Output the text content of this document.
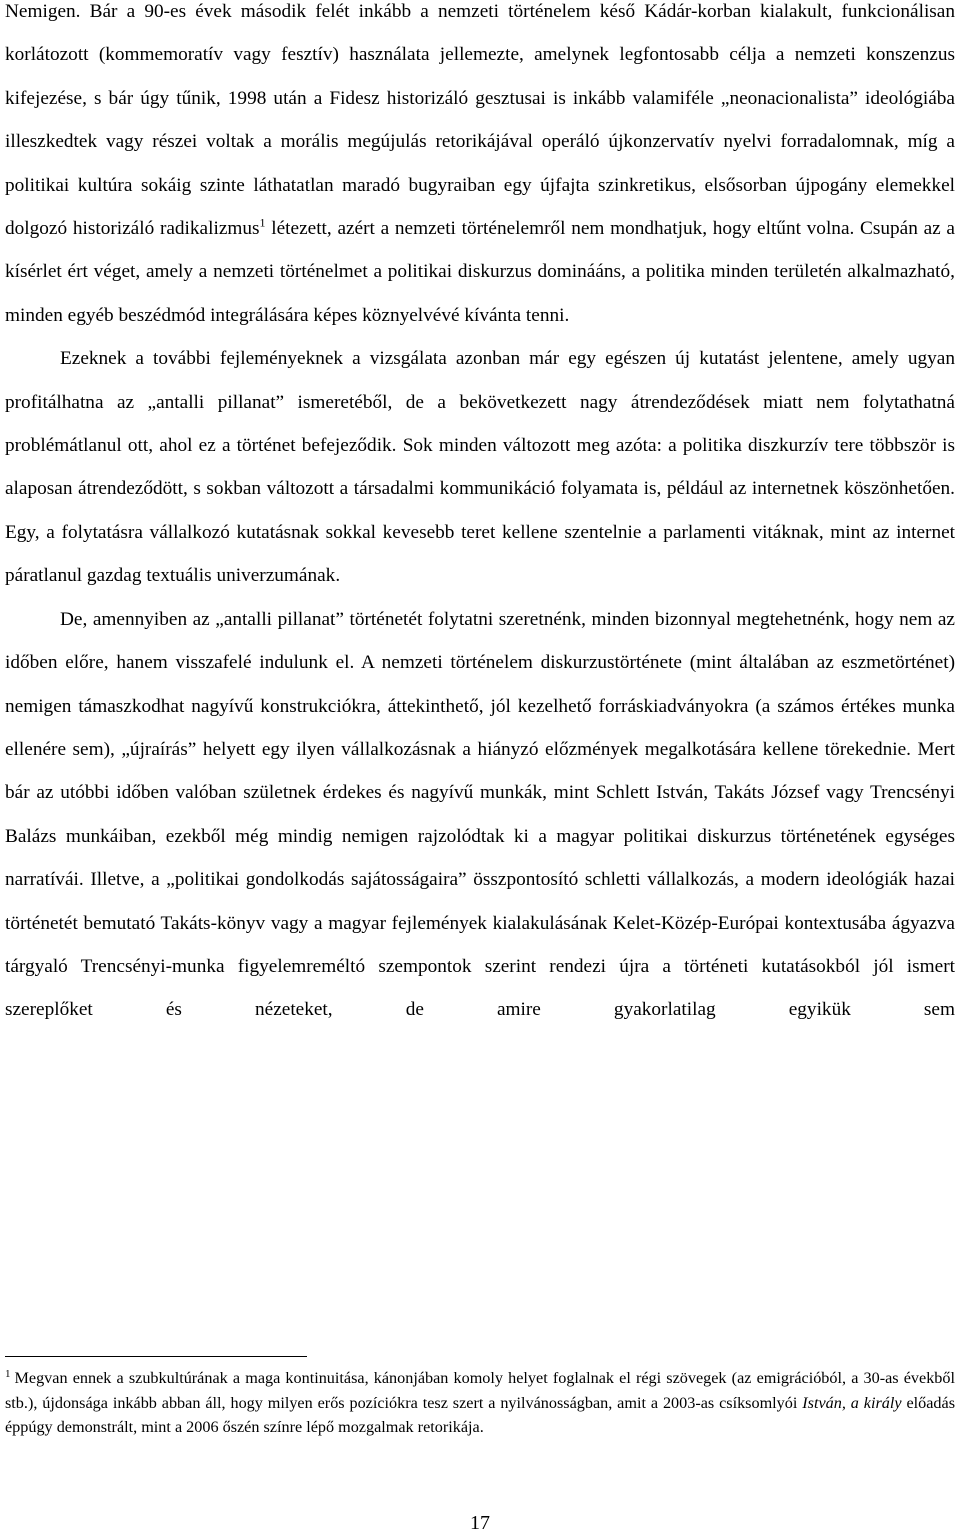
Nemigen. Bár a 90-es évek második felét inkább a nemzeti történelem késő Kádár-korban kialakult, funkcionálisan korlátozott (kommemoratív vagy fesztív) használata jellemezte, amelynek legfontosabb célja a nemzeti konszenzus kifejezése, s bár úgy tűnik, 1998 után a Fidesz historizáló gesztusai is inkább valamiféle „neonacionalista” ideológiába illeszkedtek vagy részei voltak a morális megújulás retorikájával operáló újkonzervatív nyelvi forradalomnak, míg a politikai kultúra sokáig szinte láthatatlan maradó bugyraiban egy újfajta szinkretikus, elsősorban újpogány elemekkel dolgozó historizáló radikalizmus$^1$ létezett, azért a nemzeti történelemről nem mondhatjuk, hogy eltűnt volna. Csupán az a kísérlet ért véget, amely a nemzeti történelmet a politikai diskurzus dominááns, a politika minden területén alkalmazható, minden egyéb beszédmód integrálására képes köznyelvévé kívánta tenni.

Ezeknek a további fejleményeknek a vizsgálata azonban már egy egészen új kutatást jelentene, amely ugyan profitálhatna az „antalli pillanat” ismeretéből, de a bekövetkezett nagy átrendeződések miatt nem folytathatná problémátlanul ott, ahol ez a történet befejeződik. Sok minden változott meg azóta: a politika diszkurzív tere többször is alaposan átrendeződött, s sokban változott a társadalmi kommunikáció folyamata is, például az internetnek köszönhetően. Egy, a folytatásra vállalkozó kutatásnak sokkal kevesebb teret kellene szentelnie a parlamenti vitáknak, mint az internet páratlanul gazdag textuális univerzumának.

De, amennyiben az „antalli pillanat” történetét folytatni szeretnénk, minden bizonnyal megtehetnénk, hogy nem az időben előre, hanem visszafelé indulunk el. A nemzeti történelem diskurzustörténete (mint általában az eszmetörténet) nemigen támaszkodhat nagyívű konstrukciókra, áttekinthető, jól kezelhető forráskiadványokra (a számos értékes munka ellenére sem), „újraírás” helyett egy ilyen vállalkozásnak a hiányzó előzmények megalkotására kellene törekednie. Mert bár az utóbbi időben valóban születnek érdekes és nagyívű munkák, mint Schlett István, Takáts József vagy Trencsényi Balázs munkáiban, ezekből még mindig nemigen rajzolódtak ki a magyar politikai diskurzus történetének egységes narratívái. Illetve, a „politikai gondolkodás sajátosságaira” összpontosító schletti vállalkozás, a modern ideológiák hazai történetét bemutató Takáts-könyv vagy a magyar fejlemények kialakulásának Kelet-Közép-Európai kontextusába ágyazva tárgyaló Trencsényi-munka figyelemreméltó szempontok szerint rendezi újra a történeti kutatásokból jól ismert szereplőket és nézeteket, de amire gyakorlatilag egyikük sem

$^1$ Megvan ennek a szubkultúrának a maga kontinuitása, kánonjában komoly helyet foglalnak el régi szövegek (az emigrációból, a 30-as évekből stb.), újdonsága inkább abban áll, hogy milyen erős pozíciókra tesz szert a nyilvánosságban, amit a 2003-as csíksomlyói István, a király előadás éppúgy demonstrált, mint a 2006 őszén színre lépő mozgalmak retorikája.
17
